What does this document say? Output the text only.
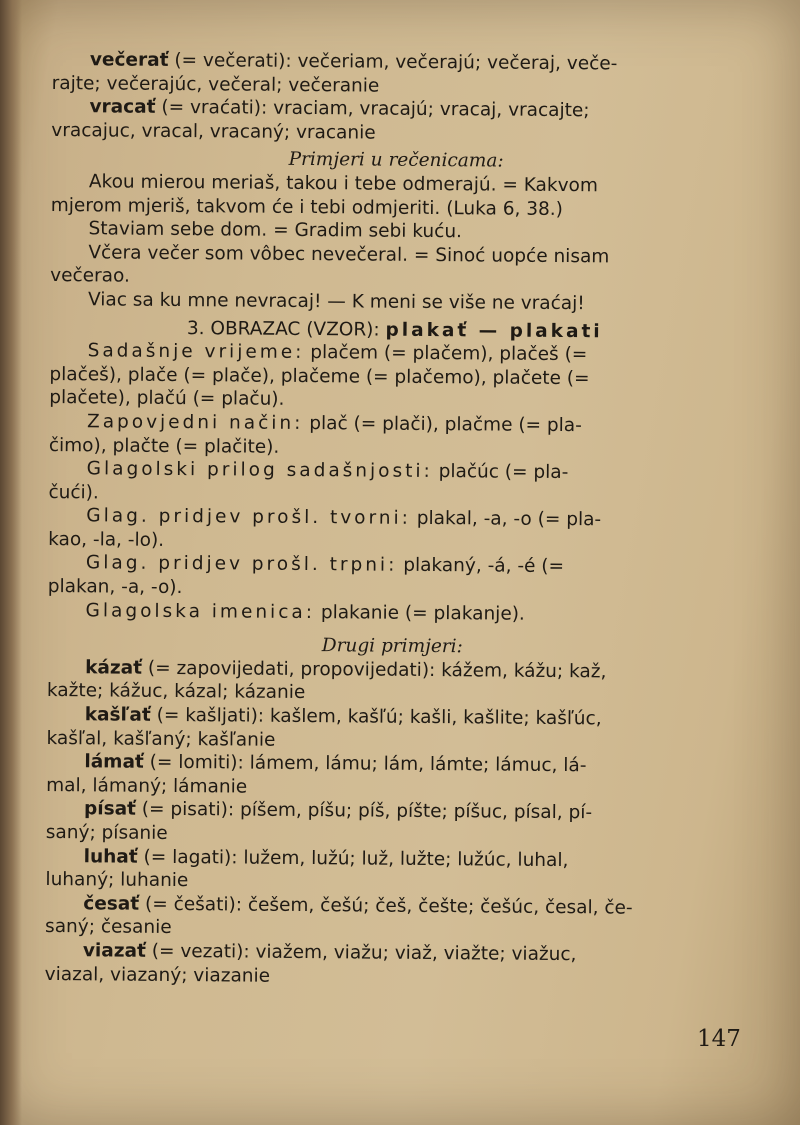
večerať (= večerati): večeriam, večerajú; večeraj, veče-
rajte; večerajúc, večeral; večeranie
vracať (= vraćati): vraciam, vracajú; vracaj, vracajte;
vracajuc, vracal, vracaný; vracanie
Primjeri u rečenicama:
Akou mierou meriaš, takou i tebe odmerajú. = Kakvom
mjerom mjeriš, takvom će i tebi odmjeriti. (Luka 6, 38.)
Staviam sebe dom. = Gradim sebi kuću.
Včera večer som vôbec nevečeral. = Sinoć uopće nisam
večerao.
Viac sa ku mne nevracaj! — K meni se više ne vraćaj!
3. OBRAZAC (VZOR): plakať — plakati
Sadašnje vrijeme: plačem (= plačem), plačeš (=
plačeš), plače (= plače), plačeme (= plačemo), plačete (=
plačete), plačú (= plaču).
Zapovjedni način: plač (= plači), plačme (= pla-
čimo), plačte (= plačite).
Glagolski prilog sadašnjosti: plačúc (= pla-
čući).
Glag. pridjev prošl. tvorni: plakal, -a, -o (= pla-
kao, -la, -lo).
Glag. pridjev prošl. trpni: plakaný, -á, -é (=
plakan, -a, -o).
Glagolska imenica: plakanie (= plakanje).
Drugi primjeri:
kázať (= zapovijedati, propovijedati): kážem, kážu; kaž,
kažte; kážuc, kázal; kázanie
kašľať (= kašljati): kašlem, kašľú; kašli, kašlite; kašľúc,
kašľal, kašľaný; kašľanie
lámať (= lomiti): lámem, lámu; lám, lámte; lámuc, lá-
mal, lámaný; lámanie
písať (= pisati): píšem, píšu; píš, píšte; píšuc, písal, pí-
saný; písanie
luhať (= lagati): lužem, lužú; luž, lužte; lužúc, luhal,
luhaný; luhanie
česať (= češati): češem, češú; češ, češte; češúc, česal, če-
saný; česanie
viazať (= vezati): viažem, viažu; viaž, viažte; viažuc,
viazal, viazaný; viazanie
147
